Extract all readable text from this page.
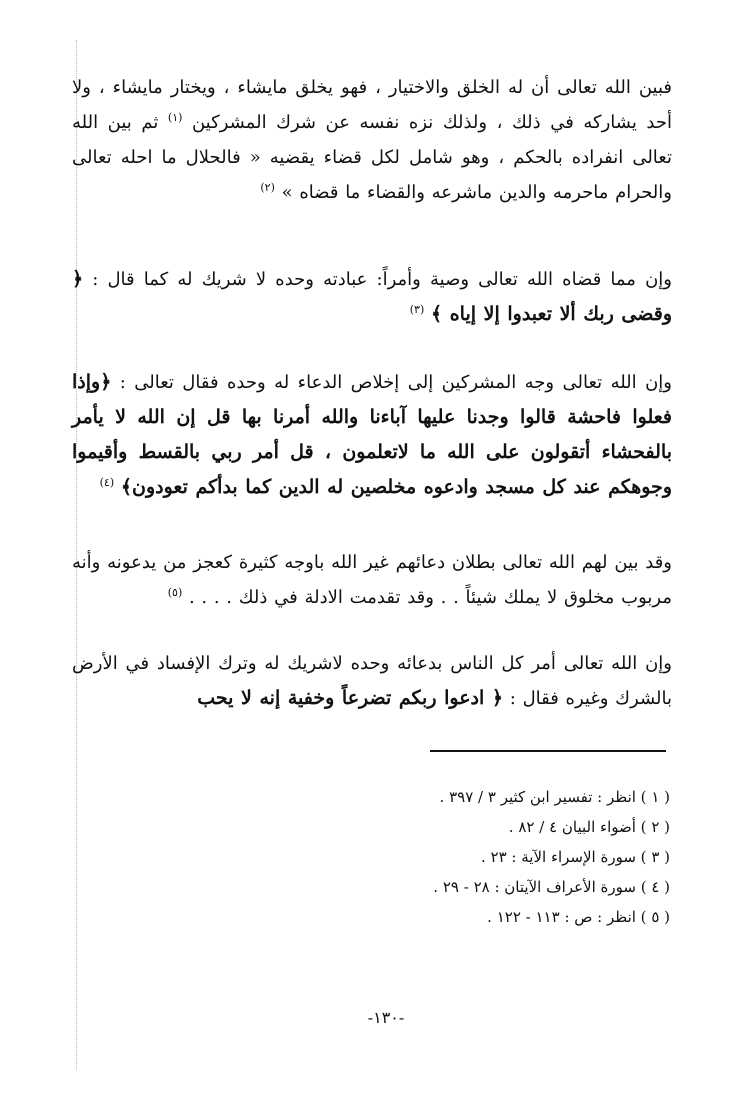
فبين الله تعالى أن له الخلق والاختيار ، فهو يخلق مايشاء ، ويختار مايشاء ، ولا أحد يشاركه في ذلك ، ولذلك نزه نفسه عن شرك المشركين $^{(١)}$ ثم بين الله تعالى انفراده بالحكم ، وهو شامل لكل قضاء يقضيه « فالحلال ما احله تعالى والحرام ماحرمه والدين ماشرعه والقضاء ما قضاه » $^{(٢)}$
وإن مما قضاه الله تعالى وصية وأمراً: عبادته وحده لا شريك له كما قال : ﴿ وقضى ربك ألا تعبدوا إلا إياه ﴾ $^{(٣)}$
وإن الله تعالى وجه المشركين إلى إخلاص الدعاء له وحده فقال تعالى : ﴿وإذا فعلوا فاحشة قالوا وجدنا عليها آباءنا والله أمرنا بها قل إن الله لا يأمر بالفحشاء أتقولون على الله ما لاتعلمون ، قل أمر ربي بالقسط وأقيموا وجوهكم عند كل مسجد وادعوه مخلصين له الدين كما بدأكم تعودون﴾ $^{(٤)}$
وقد بين لهم الله تعالى بطلان دعائهم غير الله باوجه كثيرة كعجز من يدعونه وأنه مربوب مخلوق لا يملك شيئاً . . وقد تقدمت الادلة في ذلك . . . . $^{(٥)}$
وإن الله تعالى أمر كل الناس بدعائه وحده لاشريك له وترك الإفساد في الأرض بالشرك وغيره فقال : ﴿ ادعوا ربكم تضرعاً وخفية إنه لا يحب
( ١ ) انظر : تفسير ابن كثير ٣ / ٣٩٧ .
( ٢ ) أضواء البيان ٤ / ٨٢ .
( ٣ ) سورة الإسراء الآية : ٢٣ .
( ٤ ) سورة الأعراف الآيتان : ٢٨ - ٢٩ .
( ٥ ) انظر : ص : ١١٣ - ١٢٢ .
-١٣٠-
